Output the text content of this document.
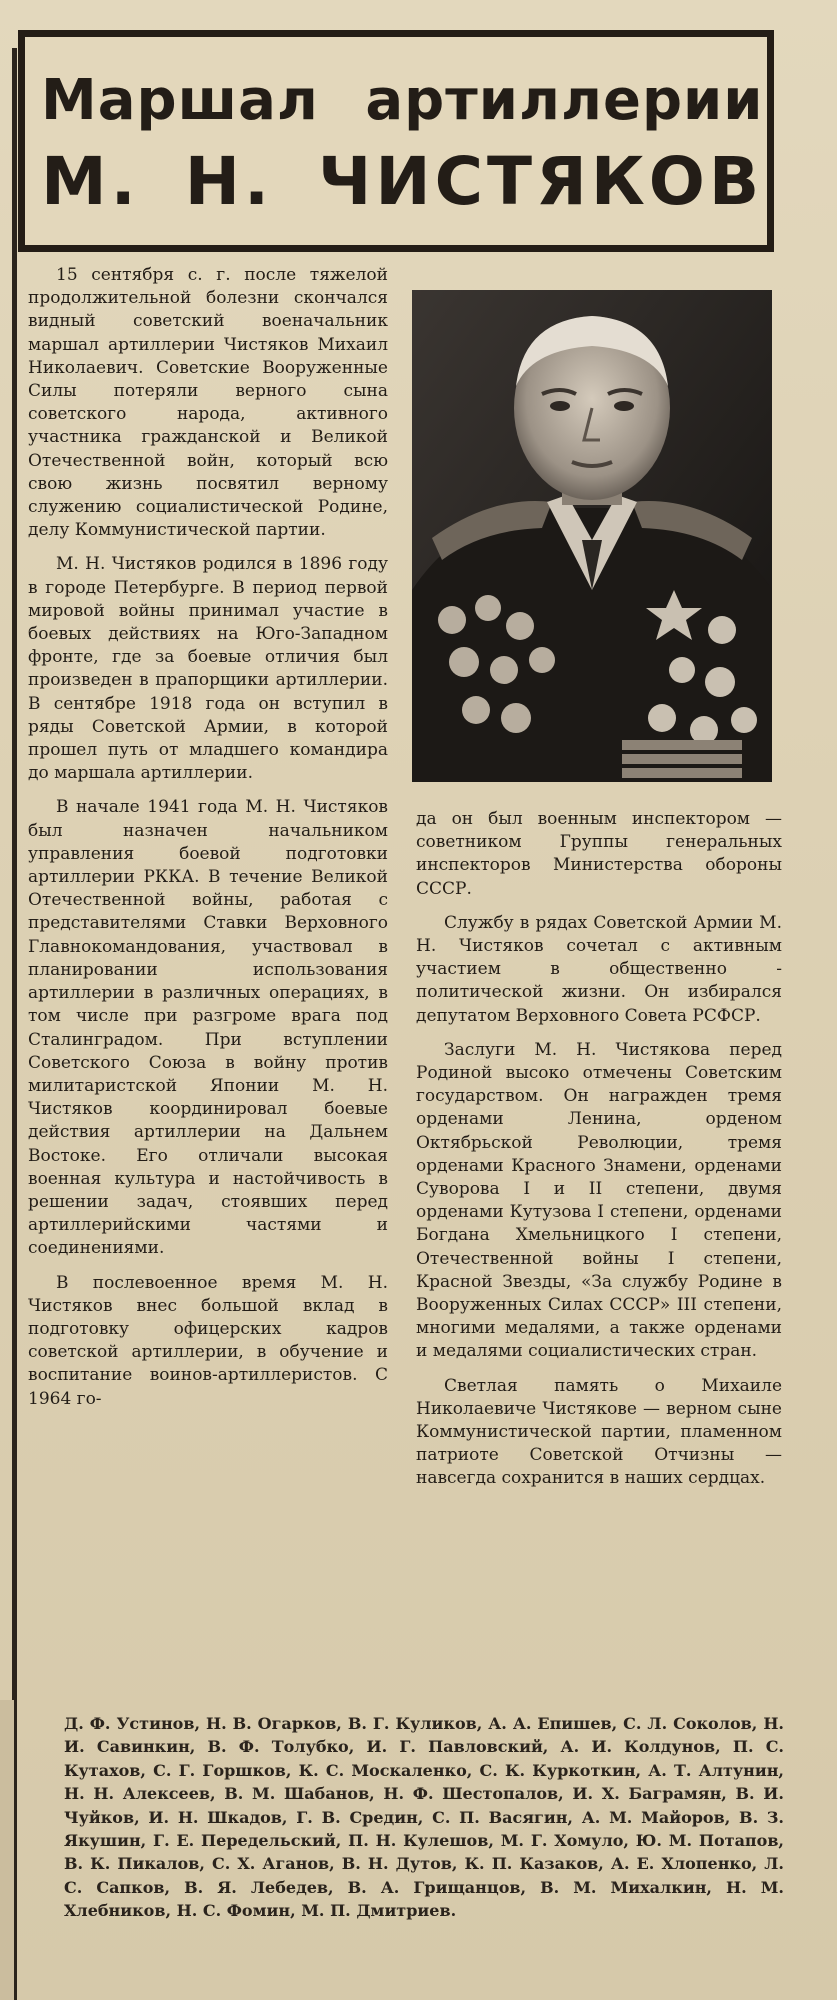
Маршал артиллерии
М. Н. ЧИСТЯКОВ

15 сентября с. г. после тяжелой продолжительной болезни скончался видный советский военачальник маршал артиллерии Чистяков Михаил Николаевич. Советские Вооруженные Силы потеряли верного сына советского народа, активного участника гражданской и Великой Отечественной войн, который всю свою жизнь посвятил верному служению социалистической Родине, делу Коммунистической партии.

М. Н. Чистяков родился в 1896 году в городе Петербурге. В период первой мировой войны принимал участие в боевых действиях на Юго-Западном фронте, где за боевые отличия был произведен в прапорщики артиллерии. В сентябре 1918 года он вступил в ряды Советской Армии, в которой прошел путь от младшего командира до маршала артиллерии.

В начале 1941 года М. Н. Чистяков был назначен начальником управления боевой подготовки артиллерии РККА. В течение Великой Отечественной войны, работая с представителями Ставки Верховного Главнокомандования, участвовал в планировании использования артиллерии в различных операциях, в том числе при разгроме врага под Сталинградом. При вступлении Советского Союза в войну против милитаристской Японии М. Н. Чистяков координировал боевые действия артиллерии на Дальнем Востоке. Его отличали высокая военная культура и настойчивость в решении задач, стоявших перед артиллерийскими частями и соединениями.

В послевоенное время М. Н. Чистяков внес большой вклад в подготовку офицерских кадров советской артиллерии, в обучение и воспитание воинов-артиллеристов. С 1964 го-

да он был военным инспектором — советником Группы генеральных инспекторов Министерства обороны СССР.

Службу в рядах Советской Армии М. Н. Чистяков сочетал с активным участием в общественно - политической жизни. Он избирался депутатом Верховного Совета РСФСР.

Заслуги М. Н. Чистякова перед Родиной высоко отмечены Советским государством. Он награжден тремя орденами Ленина, орденом Октябрьской Революции, тремя орденами Красного Знамени, орденами Суворова I и II степени, двумя орденами Кутузова I степени, орденами Богдана Хмельницкого I степени, Отечественной войны I степени, Красной Звезды, «За службу Родине в Вооруженных Силах СССР» III степени, многими медалями, а также орденами и медалями социалистических стран.

Светлая память о Михаиле Николаевиче Чистякове — верном сыне Коммунистической партии, пламенном патриоте Советской Отчизны — навсегда сохранится в наших сердцах.

Д. Ф. Устинов, Н. В. Огарков, В. Г. Куликов, А. А. Епишев, С. Л. Соколов, Н. И. Савинкин, В. Ф. Толубко, И. Г. Павловский, А. И. Колдунов, П. С. Кутахов, С. Г. Горшков, К. С. Москаленко, С. К. Куркоткин, А. Т. Алтунин, Н. Н. Алексеев, В. М. Шабанов, Н. Ф. Шестопалов, И. Х. Баграмян, В. И. Чуйков, И. Н. Шкадов, Г. В. Средин, С. П. Васягин, А. М. Майоров, В. З. Якушин, Г. Е. Передельский, П. Н. Кулешов, М. Г. Хомуло, Ю. М. Потапов, В. К. Пикалов, С. Х. Аганов, В. Н. Дутов, К. П. Казаков, А. Е. Хлопенко, Л. С. Сапков, В. Я. Лебедев, В. А. Грищанцов, В. М. Михалкин, Н. М. Хлебников, Н. С. Фомин, М. П. Дмитриев.
